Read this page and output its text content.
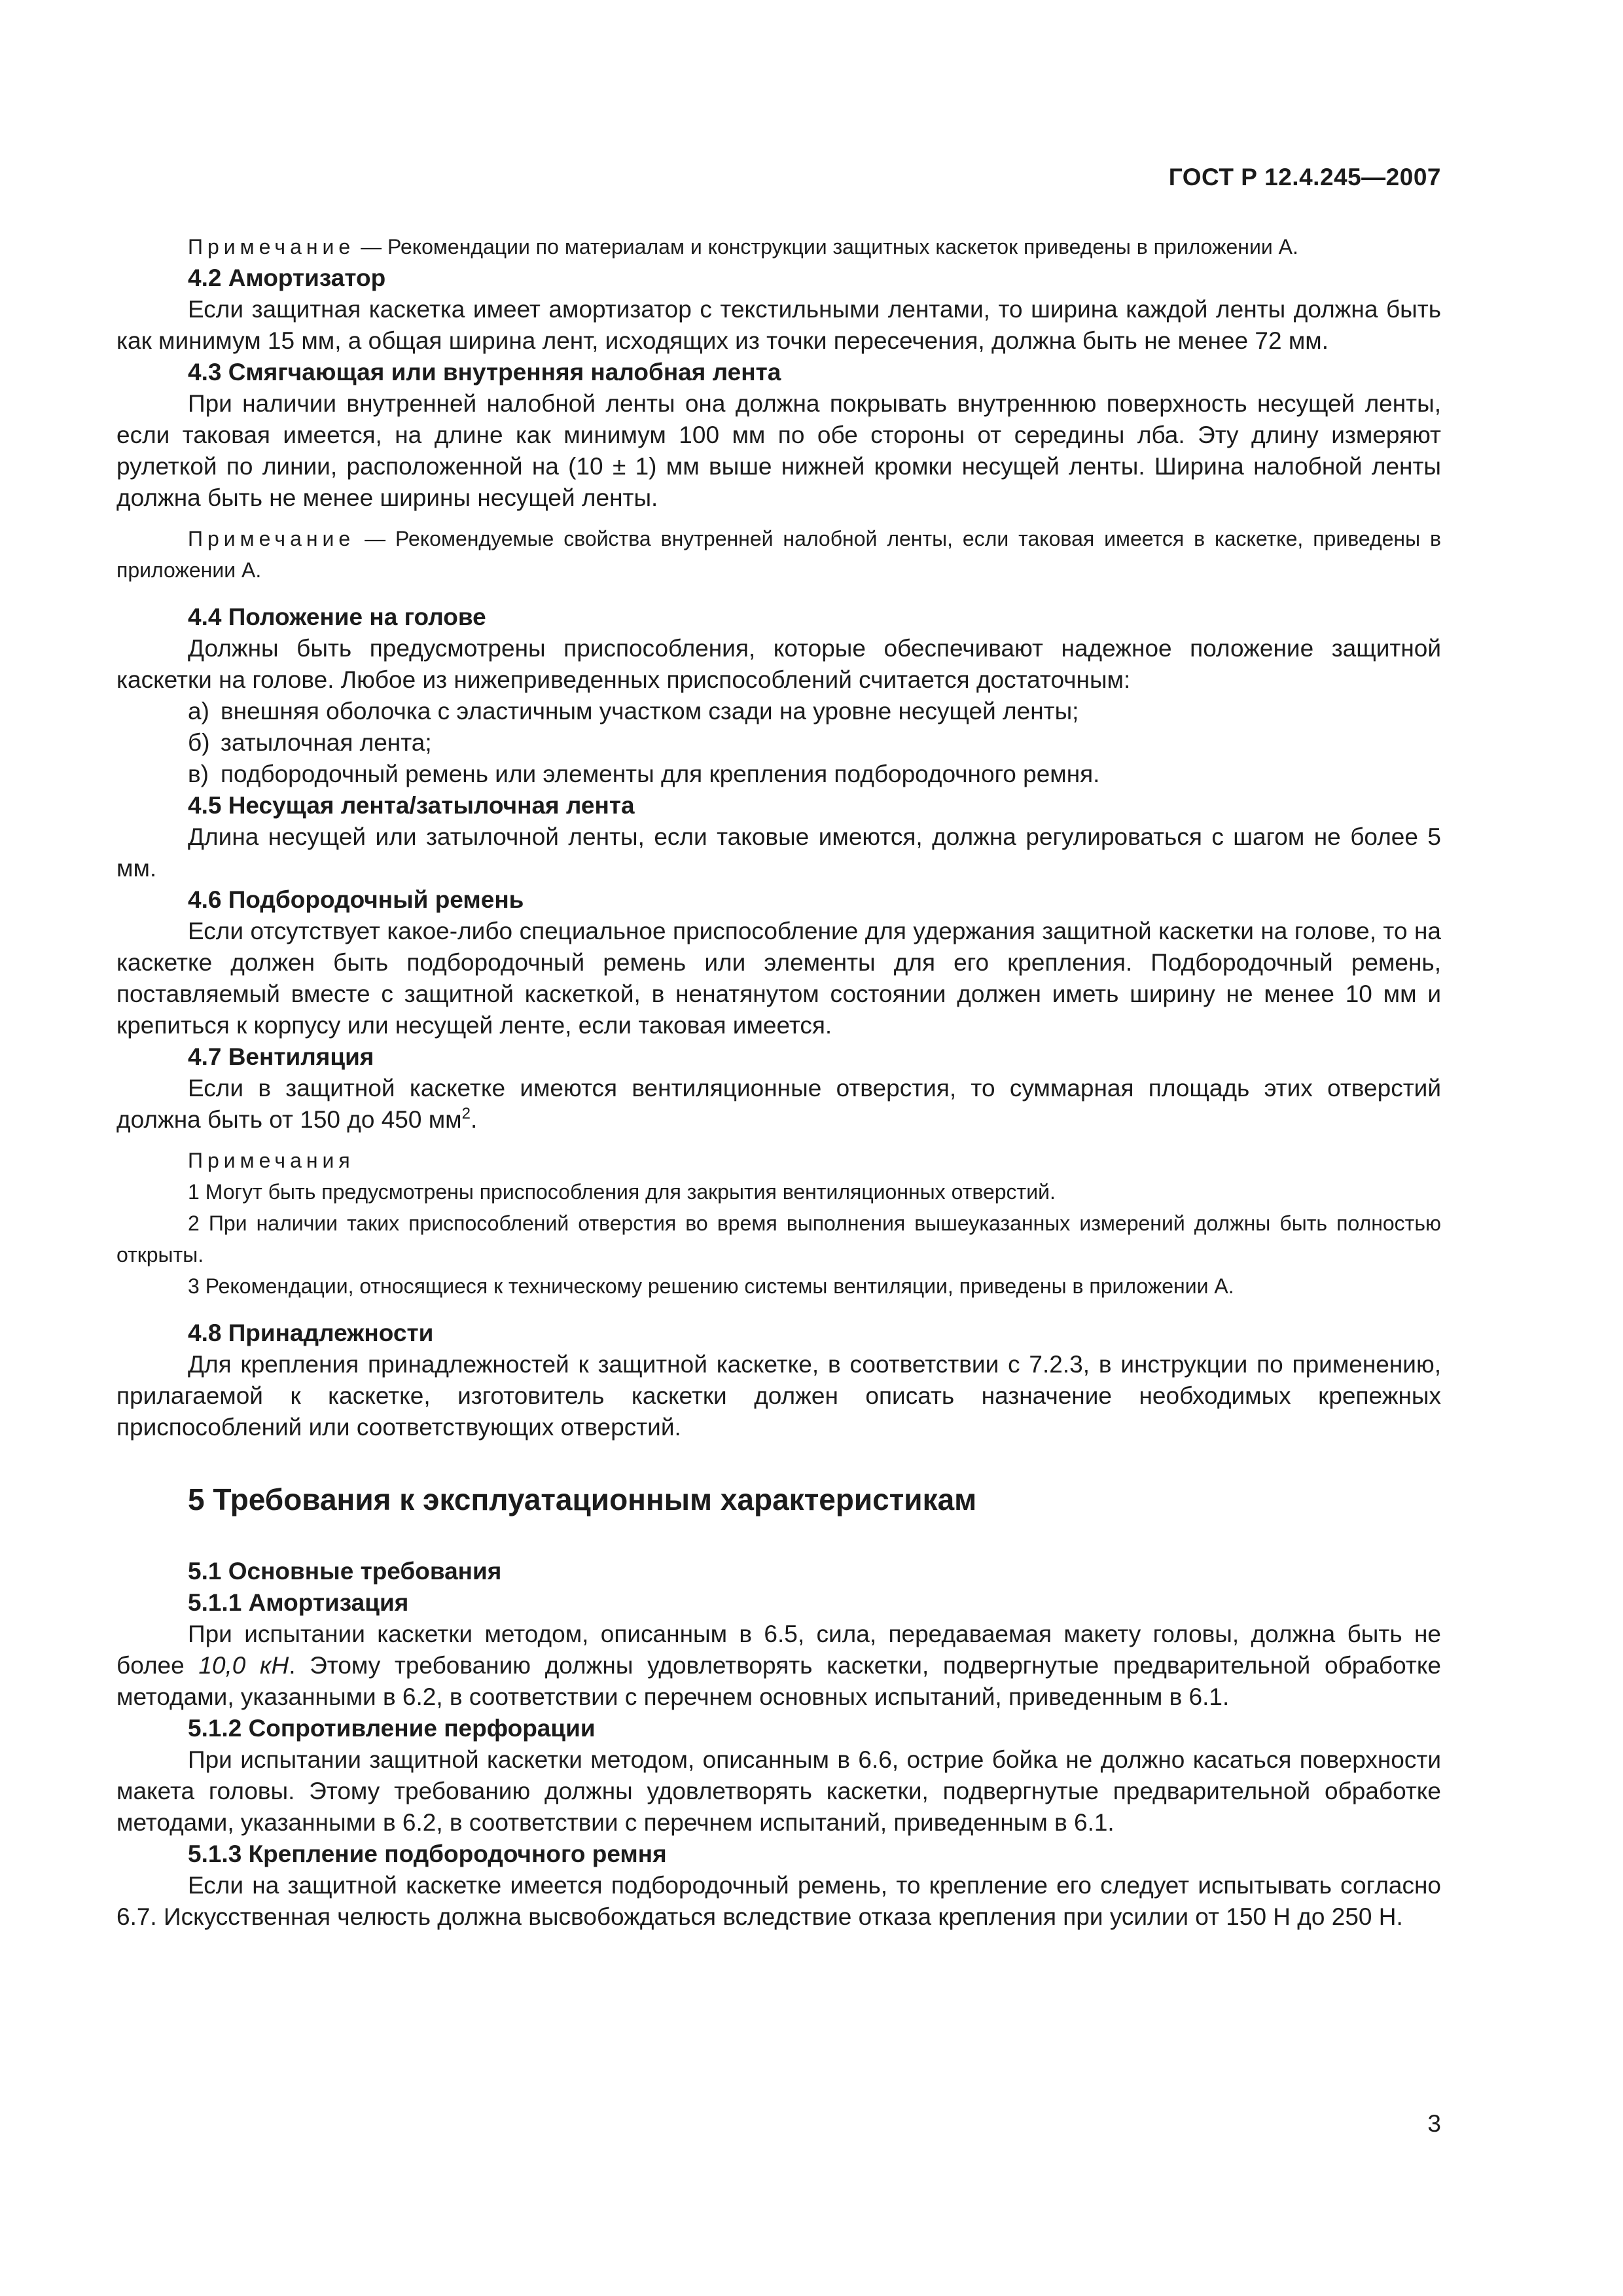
ГОСТ Р 12.4.245—2007

Примечание — Рекомендации по материалам и конструкции защитных каскеток приведены в приложении А.

4.2 Амортизатор

Если защитная каскетка имеет амортизатор с текстильными лентами, то ширина каждой ленты должна быть как минимум 15 мм, а общая ширина лент, исходящих из точки пересечения, должна быть не менее 72 мм.

4.3 Смягчающая или внутренняя налобная лента

При наличии внутренней налобной ленты она должна покрывать внутреннюю поверхность несущей ленты, если таковая имеется, на длине как минимум 100 мм по обе стороны от середины лба. Эту длину измеряют рулеткой по линии, расположенной на (10 ± 1) мм выше нижней кромки несущей ленты. Ширина налобной ленты должна быть не менее ширины несущей ленты.

Примечание — Рекомендуемые свойства внутренней налобной ленты, если таковая имеется в каскетке, приведены в приложении А.

4.4 Положение на голове

Должны быть предусмотрены приспособления, которые обеспечивают надежное положение защитной каскетки на голове. Любое из нижеприведенных приспособлений считается достаточным:

а) внешняя оболочка с эластичным участком сзади на уровне несущей ленты;

б) затылочная лента;

в) подбородочный ремень или элементы для крепления подбородочного ремня.

4.5 Несущая лента/затылочная лента

Длина несущей или затылочной ленты, если таковые имеются, должна регулироваться с шагом не более 5 мм.

4.6 Подбородочный ремень

Если отсутствует какое-либо специальное приспособление для удержания защитной каскетки на голове, то на каскетке должен быть подбородочный ремень или элементы для его крепления. Подбородочный ремень, поставляемый вместе с защитной каскеткой, в ненатянутом состоянии должен иметь ширину не менее 10 мм и крепиться к корпусу или несущей ленте, если таковая имеется.

4.7 Вентиляция

Если в защитной каскетке имеются вентиляционные отверстия, то суммарная площадь этих отверстий должна быть от 150 до 450 $мм^2$.

Примечания

1 Могут быть предусмотрены приспособления для закрытия вентиляционных отверстий.

2 При наличии таких приспособлений отверстия во время выполнения вышеуказанных измерений должны быть полностью открыты.

3 Рекомендации, относящиеся к техническому решению системы вентиляции, приведены в приложении А.

4.8 Принадлежности

Для крепления принадлежностей к защитной каскетке, в соответствии с 7.2.3, в инструкции по применению, прилагаемой к каскетке, изготовитель каскетки должен описать назначение необходимых крепежных приспособлений или соответствующих отверстий.

5 Требования к эксплуатационным характеристикам
5.1 Основные требования
5.1.1 Амортизация

При испытании каскетки методом, описанным в 6.5, сила, передаваемая макету головы, должна быть не более 10,0 кН. Этому требованию должны удовлетворять каскетки, подвергнутые предварительной обработке методами, указанными в 6.2, в соответствии с перечнем основных испытаний, приведенным в 6.1.

5.1.2 Сопротивление перфорации

При испытании защитной каскетки методом, описанным в 6.6, острие бойка не должно касаться поверхности макета головы. Этому требованию должны удовлетворять каскетки, подвергнутые предварительной обработке методами, указанными в 6.2, в соответствии с перечнем испытаний, приведенным в 6.1.

5.1.3 Крепление подбородочного ремня

Если на защитной каскетке имеется подбородочный ремень, то крепление его следует испытывать согласно 6.7. Искусственная челюсть должна высвобождаться вследствие отказа крепления при усилии от 150 Н до 250 Н.

3
